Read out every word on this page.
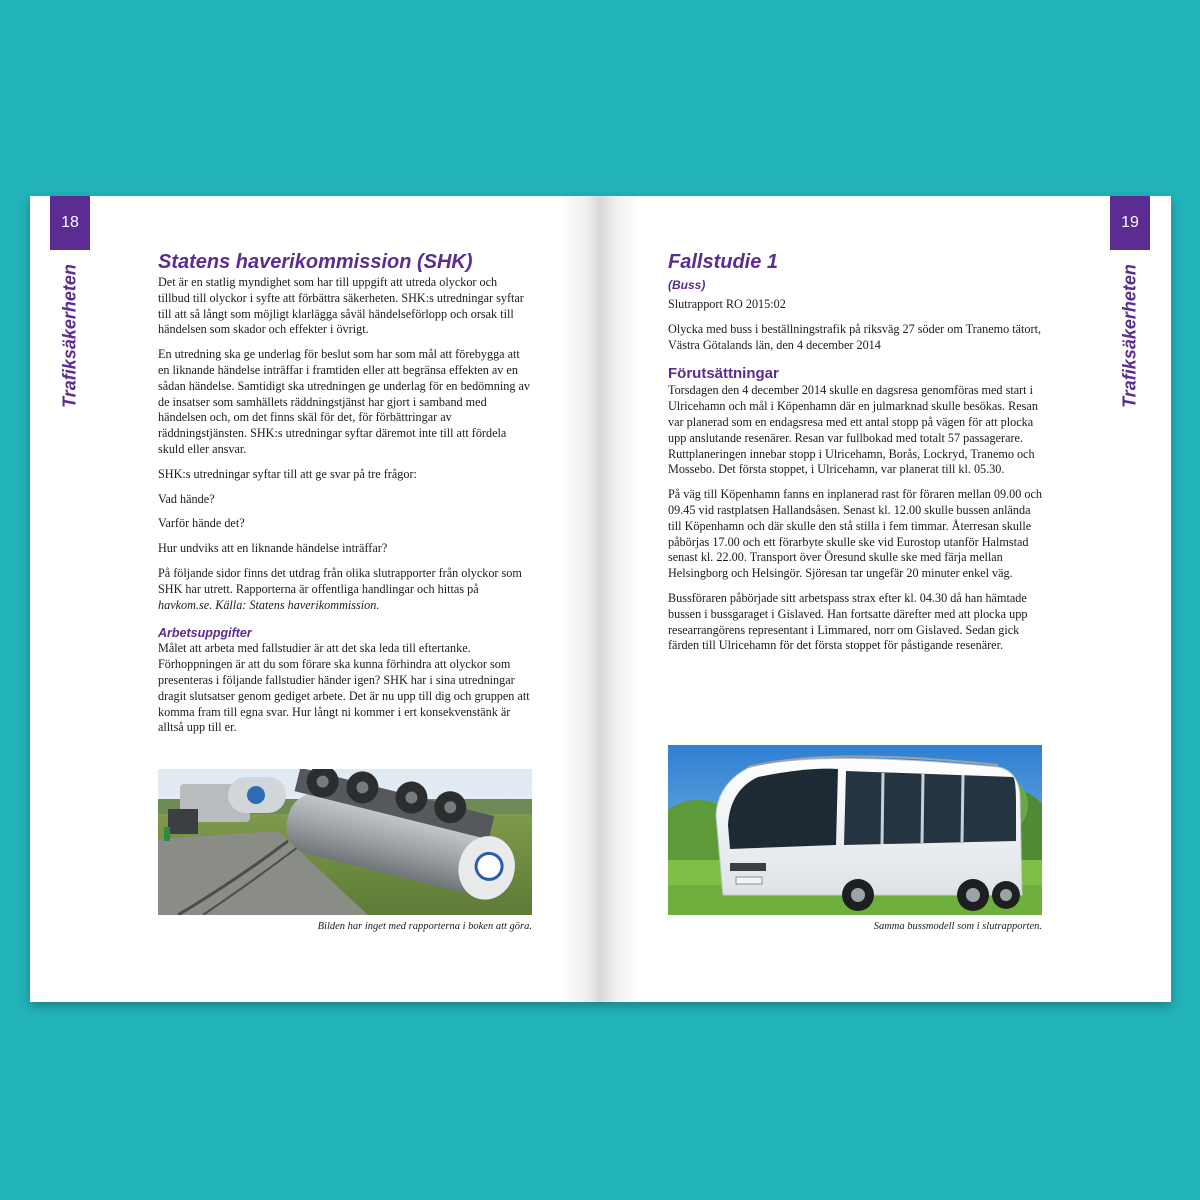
18	19
Trafiksäkerheten	Trafiksäkerheten
Statens haverikommission (SHK)

Det är en statlig myndighet som har till uppgift att utreda olyckor och tillbud till olyckor i syfte att förbättra säkerheten. SHK:s utredningar syftar till att så långt som möjligt klarlägga såväl händelseförlopp och orsak till händelsen som skador och effekter i övrigt.

En utredning ska ge underlag för beslut som har som mål att förebygga att en liknande händelse inträffar i framtiden eller att begränsa effekten av en sådan händelse. Samtidigt ska utredningen ge underlag för en bedömning av de insatser som samhällets räddningstjänst har gjort i samband med händelsen och, om det finns skäl för det, för förbättringar av räddningstjänsten. SHK:s utredningar syftar däremot inte till att fördela skuld eller ansvar.

SHK:s utredningar syftar till att ge svar på tre frågor:

Vad hände?

Varför hände det?

Hur undviks att en liknande händelse inträffar?

På följande sidor finns det utdrag från olika slutrapporter från olyckor som SHK har utrett. Rapporterna är offentliga handlingar och hittas på havkom.se. Källa: Statens haverikommission.

Arbetsuppgifter

Målet att arbeta med fallstudier är att det ska leda till eftertanke. Förhoppningen är att du som förare ska kunna förhindra att olyckor som presenteras i följande fallstudier händer igen? SHK har i sina utredningar dragit slutsatser genom gediget arbete. Det är nu upp till dig och gruppen att komma fram till egna svar. Hur långt ni kommer i ert konsekvenstänk är alltså upp till er.

Bilden har inget med rapporterna i boken att göra.
Fallstudie 1
(Buss)

Slutrapport RO 2015:02

Olycka med buss i beställningstrafik på riksväg 27 söder om Tranemo tätort, Västra Götalands län, den 4 december 2014

Förutsättningar

Torsdagen den 4 december 2014 skulle en dagsresa genomföras med start i Ulricehamn och mål i Köpenhamn där en julmarknad skulle besökas. Resan var planerad som en endagsresa med ett antal stopp på vägen för att plocka upp anslutande resenärer. Resan var fullbokad med totalt 57 passagerare. Ruttplaneringen innebar stopp i Ulricehamn, Borås, Lockryd, Tranemo och Mossebo. Det första stoppet, i Ulricehamn, var planerat till kl. 05.30.

På väg till Köpenhamn fanns en inplanerad rast för föraren mellan 09.00 och 09.45 vid rastplatsen Hallandsåsen. Senast kl. 12.00 skulle bussen anlända till Köpenhamn och där skulle den stå stilla i fem timmar. Återresan skulle påbörjas 17.00 och ett förarbyte skulle ske vid Eurostop utanför Halmstad senast kl. 22.00. Transport över Öresund skulle ske med färja mellan Helsingborg och Helsingör. Sjöresan tar ungefär 20 minuter enkel väg.

Bussföraren påbörjade sitt arbetspass strax efter kl. 04.30 då han hämtade bussen i bussgaraget i Gislaved. Han fortsatte därefter med att plocka upp researrangörens representant i Limmared, norr om Gislaved. Sedan gick färden till Ulricehamn för det första stoppet för påstigande resenärer.

Samma bussmodell som i slutrapporten.
